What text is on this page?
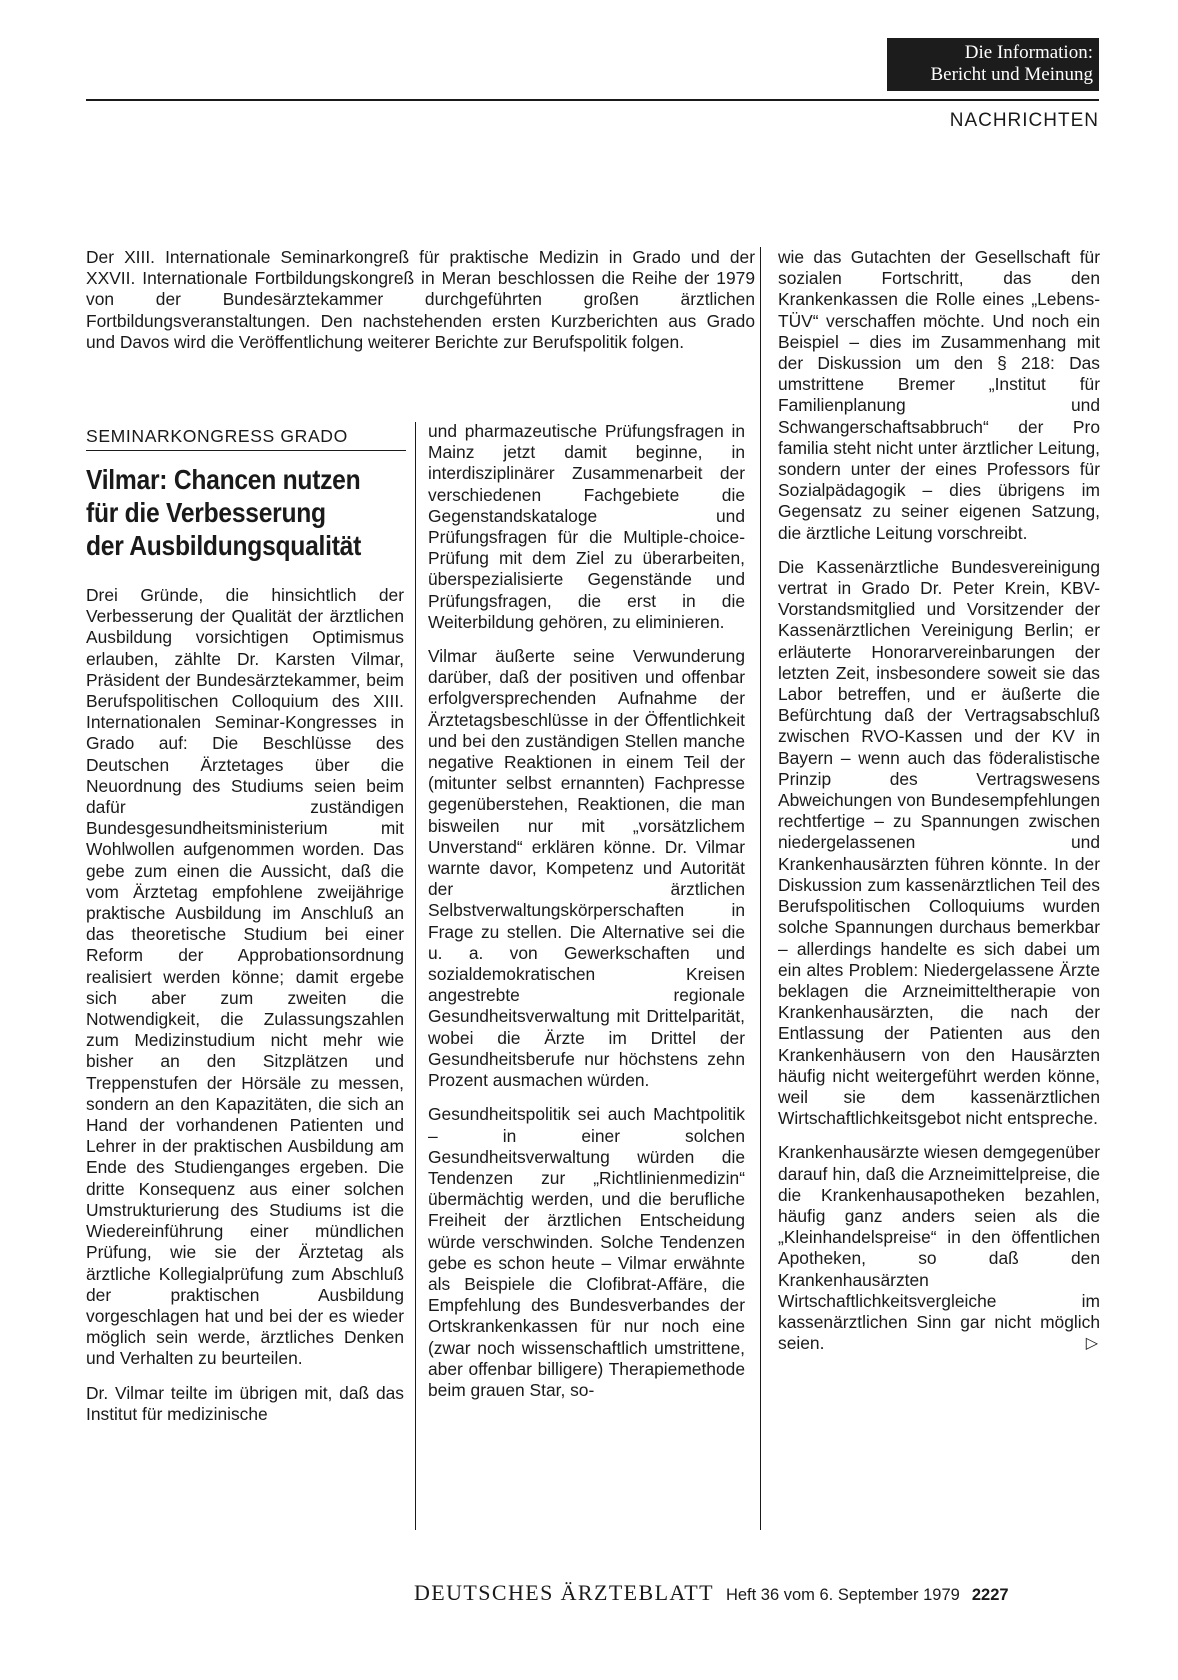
Die Information:
Bericht und Meinung
NACHRICHTEN

Der XIII. Internationale Seminarkongreß für praktische Medizin in Grado und der XXVII. Internationale Fortbildungskongreß in Meran beschlossen die Reihe der 1979 von der Bundesärztekammer durchgeführten großen ärztlichen Fortbildungsveranstaltungen. Den nachstehenden ersten Kurzberichten aus Grado und Davos wird die Veröffentlichung weiterer Berichte zur Berufspolitik folgen.

SEMINARKONGRESS GRADO
Vilmar: Chancen nutzen für die Verbesserung der Ausbildungsqualität

Drei Gründe, die hinsichtlich der Verbesserung der Qualität der ärztlichen Ausbildung vorsichtigen Optimismus erlauben, zählte Dr. Karsten Vilmar, Präsident der Bundesärztekammer, beim Berufspolitischen Colloquium des XIII. Internationalen Seminar-Kongresses in Grado auf: Die Beschlüsse des Deutschen Ärztetages über die Neuordnung des Studiums seien beim dafür zuständigen Bundesgesundheitsministerium mit Wohlwollen aufgenommen worden. Das gebe zum einen die Aussicht, daß die vom Ärztetag empfohlene zweijährige praktische Ausbildung im Anschluß an das theoretische Studium bei einer Reform der Approbationsordnung realisiert werden könne; damit ergebe sich aber zum zweiten die Notwendigkeit, die Zulassungszahlen zum Medizinstudium nicht mehr wie bisher an den Sitzplätzen und Treppenstufen der Hörsäle zu messen, sondern an den Kapazitäten, die sich an Hand der vorhandenen Patienten und Lehrer in der praktischen Ausbildung am Ende des Studienganges ergeben. Die dritte Konsequenz aus einer solchen Umstrukturierung des Studiums ist die Wiedereinführung einer mündlichen Prüfung, wie sie der Ärztetag als ärztliche Kollegialprüfung zum Abschluß der praktischen Ausbildung vorgeschlagen hat und bei der es wieder möglich sein werde, ärztliches Denken und Verhalten zu beurteilen.

Dr. Vilmar teilte im übrigen mit, daß das Institut für medizinische

und pharmazeutische Prüfungsfragen in Mainz jetzt damit beginne, in interdisziplinärer Zusammenarbeit der verschiedenen Fachgebiete die Gegenstandskataloge und Prüfungsfragen für die Multiple-choice-Prüfung mit dem Ziel zu überarbeiten, überspezialisierte Gegenstände und Prüfungsfragen, die erst in die Weiterbildung gehören, zu eliminieren.

Vilmar äußerte seine Verwunderung darüber, daß der positiven und offenbar erfolgversprechenden Aufnahme der Ärztetagsbeschlüsse in der Öffentlichkeit und bei den zuständigen Stellen manche negative Reaktionen in einem Teil der (mitunter selbst ernannten) Fachpresse gegenüberstehen, Reaktionen, die man bisweilen nur mit „vorsätzlichem Unverstand“ erklären könne. Dr. Vilmar warnte davor, Kompetenz und Autorität der ärztlichen Selbstverwaltungskörperschaften in Frage zu stellen. Die Alternative sei die u. a. von Gewerkschaften und sozialdemokratischen Kreisen angestrebte regionale Gesundheitsverwaltung mit Drittelparität, wobei die Ärzte im Drittel der Gesundheitsberufe nur höchstens zehn Prozent ausmachen würden.

Gesundheitspolitik sei auch Machtpolitik – in einer solchen Gesundheitsverwaltung würden die Tendenzen zur „Richtlinienmedizin“ übermächtig werden, und die berufliche Freiheit der ärztlichen Entscheidung würde verschwinden. Solche Tendenzen gebe es schon heute – Vilmar erwähnte als Beispiele die Clofibrat-Affäre, die Empfehlung des Bundesverbandes der Ortskrankenkassen für nur noch eine (zwar noch wissenschaftlich umstrittene, aber offenbar billigere) Therapiemethode beim grauen Star, so-

wie das Gutachten der Gesellschaft für sozialen Fortschritt, das den Krankenkassen die Rolle eines „Lebens-TÜV“ verschaffen möchte. Und noch ein Beispiel – dies im Zusammenhang mit der Diskussion um den § 218: Das umstrittene Bremer „Institut für Familienplanung und Schwangerschaftsabbruch“ der Pro familia steht nicht unter ärztlicher Leitung, sondern unter der eines Professors für Sozialpädagogik – dies übrigens im Gegensatz zu seiner eigenen Satzung, die ärztliche Leitung vorschreibt.

Die Kassenärztliche Bundesvereinigung vertrat in Grado Dr. Peter Krein, KBV-Vorstandsmitglied und Vorsitzender der Kassenärztlichen Vereinigung Berlin; er erläuterte Honorarvereinbarungen der letzten Zeit, insbesondere soweit sie das Labor betreffen, und er äußerte die Befürchtung daß der Vertragsabschluß zwischen RVO-Kassen und der KV in Bayern – wenn auch das föderalistische Prinzip des Vertragswesens Abweichungen von Bundesempfehlungen rechtfertige – zu Spannungen zwischen niedergelassenen und Krankenhausärzten führen könnte. In der Diskussion zum kassenärztlichen Teil des Berufspolitischen Colloquiums wurden solche Spannungen durchaus bemerkbar – allerdings handelte es sich dabei um ein altes Problem: Niedergelassene Ärzte beklagen die Arzneimitteltherapie von Krankenhausärzten, die nach der Entlassung der Patienten aus den Krankenhäusern von den Hausärzten häufig nicht weitergeführt werden könne, weil sie dem kassenärztlichen Wirtschaftlichkeitsgebot nicht entspreche.

Krankenhausärzte wiesen demgegenüber darauf hin, daß die Arzneimittelpreise, die die Krankenhausapotheken bezahlen, häufig ganz anders seien als die „Kleinhandelspreise“ in den öffentlichen Apotheken, so daß den Krankenhausärzten Wirtschaftlichkeitsvergleiche im kassenärztlichen Sinn gar nicht möglich seien.	▷

DEUTSCHES ÄRZTEBLATT Heft 36 vom 6. September 1979 2227
